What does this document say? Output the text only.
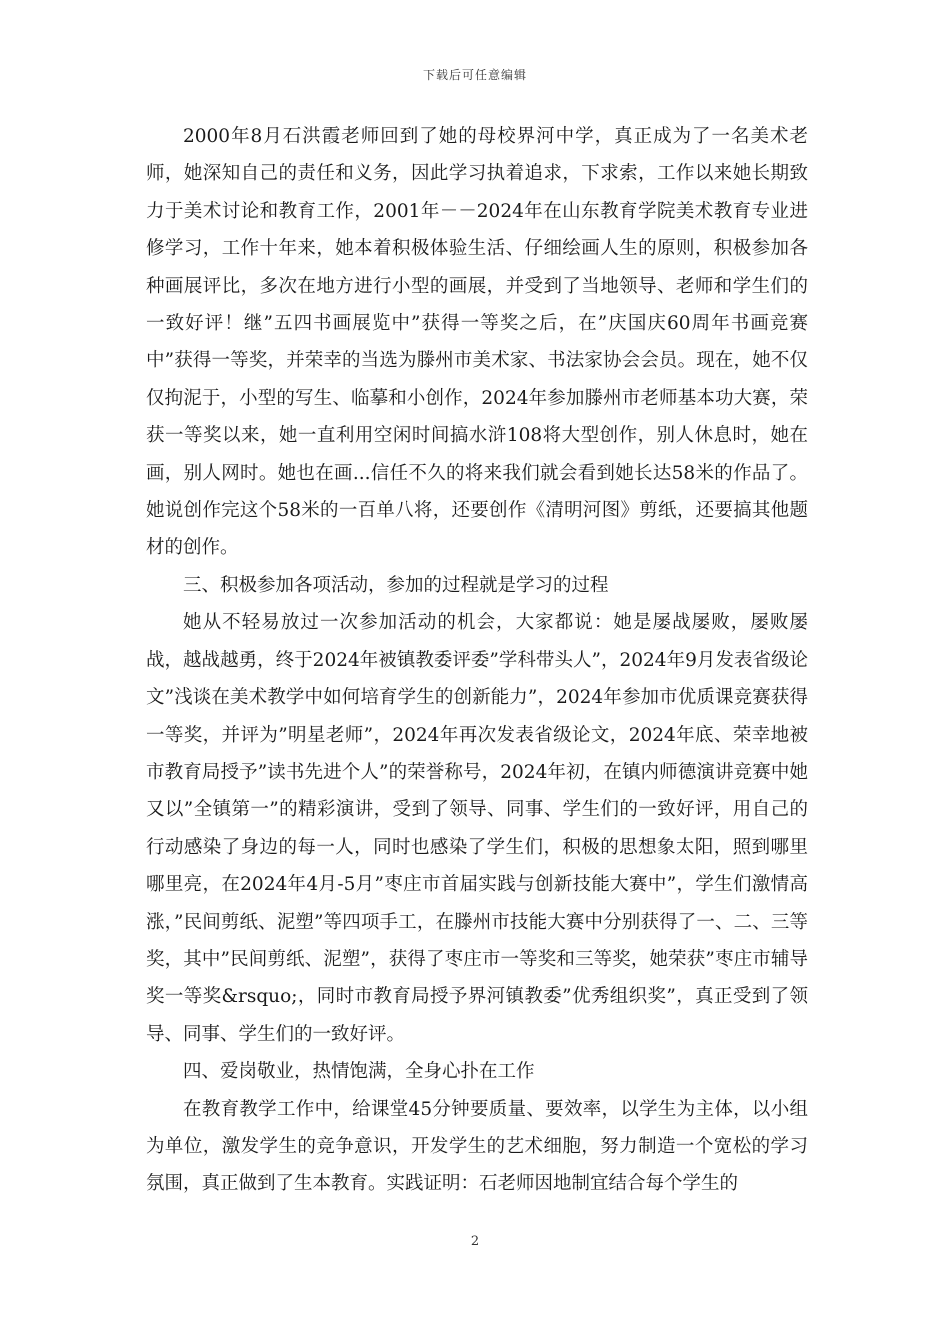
下载后可任意编辑

2000年8月石洪霞老师回到了她的母校界河中学，真正成为了一名美术老师，她深知自己的责任和义务，因此学习执着追求，下求索，工作以来她长期致力于美术讨论和教育工作，2001年－－2024年在山东教育学院美术教育专业进修学习，工作十年来，她本着积极体验生活、仔细绘画人生的原则，积极参加各种画展评比，多次在地方进行小型的画展，并受到了当地领导、老师和学生们的一致好评！继”五四书画展览中”获得一等奖之后，在”庆国庆60周年书画竞赛中”获得一等奖，并荣幸的当选为滕州市美术家、书法家协会会员。现在，她不仅仅拘泥于，小型的写生、临摹和小创作，2024年参加滕州市老师基本功大赛，荣获一等奖以来，她一直利用空闲时间搞水浒108将大型创作，别人休息时，她在画，别人网时。她也在画...信任不久的将来我们就会看到她长达58米的作品了。她说创作完这个58米的一百单八将，还要创作《清明河图》剪纸，还要搞其他题材的创作。

三、积极参加各项活动，参加的过程就是学习的过程

她从不轻易放过一次参加活动的机会，大家都说：她是屡战屡败，屡败屡战，越战越勇，终于2024年被镇教委评委”学科带头人”，2024年9月发表省级论文”浅谈在美术教学中如何培育学生的创新能力”，2024年参加市优质课竞赛获得一等奖，并评为”明星老师”，2024年再次发表省级论文，2024年底、荣幸地被市教育局授予”读书先进个人”的荣誉称号，2024年初，在镇内师德演讲竞赛中她又以”全镇第一”的精彩演讲，受到了领导、同事、学生们的一致好评，用自己的行动感染了身边的每一人，同时也感染了学生们，积极的思想象太阳，照到哪里哪里亮，在2024年4月-5月”枣庄市首届实践与创新技能大赛中”，学生们激情高涨，”民间剪纸、泥塑”等四项手工，在滕州市技能大赛中分别获得了一、二、三等奖，其中”民间剪纸、泥塑”，获得了枣庄市一等奖和三等奖，她荣获”枣庄市辅导奖一等奖&rsquo;，同时市教育局授予界河镇教委”优秀组织奖”，真正受到了领导、同事、学生们的一致好评。

四、爱岗敬业，热情饱满，全身心扑在工作

在教育教学工作中，给课堂45分钟要质量、要效率，以学生为主体，以小组为单位，激发学生的竞争意识，开发学生的艺术细胞，努力制造一个宽松的学习氛围，真正做到了生本教育。实践证明：石老师因地制宜结合每个学生的

2
